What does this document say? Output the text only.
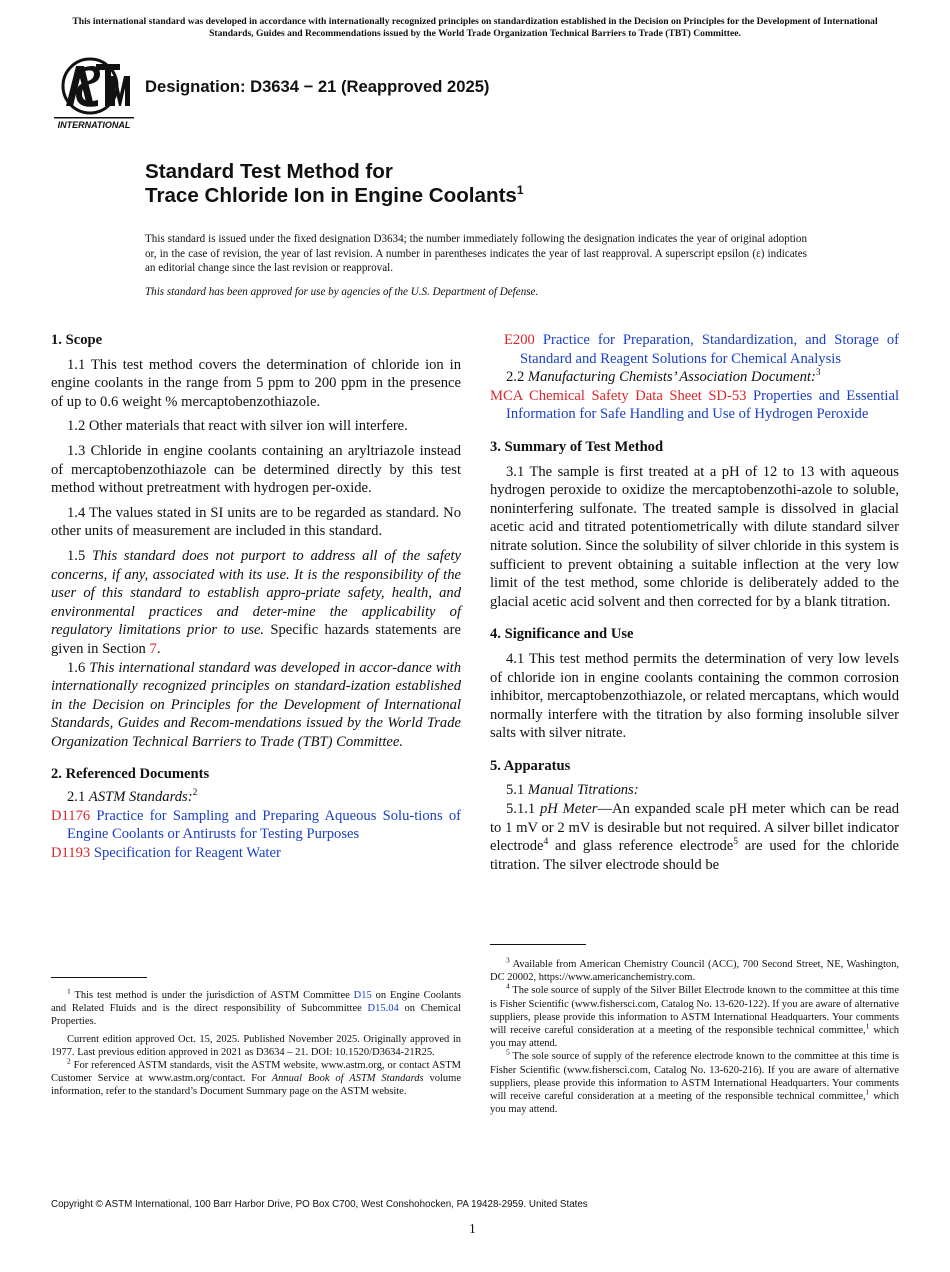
This international standard was developed in accordance with internationally recognized principles on standardization established in the Decision on Principles for the Development of International Standards, Guides and Recommendations issued by the World Trade Organization Technical Barriers to Trade (TBT) Committee.
INTERNATIONAL
Designation: D3634 − 21 (Reapproved 2025)
Standard Test Method for
Trace Chloride Ion in Engine Coolants$^1$
This standard is issued under the fixed designation D3634; the number immediately following the designation indicates the year of original adoption or, in the case of revision, the year of last revision. A number in parentheses indicates the year of last reapproval. A superscript epsilon (ε) indicates an editorial change since the last revision or reapproval.
This standard has been approved for use by agencies of the U.S. Department of Defense.
1. Scope

1.1 This test method covers the determination of chloride ion in engine coolants in the range from 5 ppm to 200 ppm in the presence of up to 0.6 weight % mercaptobenzothiazole.

1.2 Other materials that react with silver ion will interfere.

1.3 Chloride in engine coolants containing an aryltriazole instead of mercaptobenzothiazole can be determined directly by this test method without pretreatment with hydrogen per-oxide.

1.4 The values stated in SI units are to be regarded as standard. No other units of measurement are included in this standard.

1.5 This standard does not purport to address all of the safety concerns, if any, associated with its use. It is the responsibility of the user of this standard to establish appro-priate safety, health, and environmental practices and deter-mine the applicability of regulatory limitations prior to use. Specific hazards statements are given in Section 7.

1.6 This international standard was developed in accor-dance with internationally recognized principles on standard-ization established in the Decision on Principles for the Development of International Standards, Guides and Recom-mendations issued by the World Trade Organization Technical Barriers to Trade (TBT) Committee.

2. Referenced Documents

2.1 ASTM Standards:$^2$

D1176 Practice for Sampling and Preparing Aqueous Solu-tions of Engine Coolants or Antirusts for Testing Purposes

D1193 Specification for Reagent Water

$^1$ This test method is under the jurisdiction of ASTM Committee D15 on Engine Coolants and Related Fluids and is the direct responsibility of Subcommittee D15.04 on Chemical Properties.

Current edition approved Oct. 15, 2025. Published November 2025. Originally approved in 1977. Last previous edition approved in 2021 as D3634 – 21. DOI: 10.1520/D3634-21R25.

$^2$ For referenced ASTM standards, visit the ASTM website, www.astm.org, or contact ASTM Customer Service at www.astm.org/contact. For Annual Book of ASTM Standards volume information, refer to the standard’s Document Summary page on the ASTM website.

E200 Practice for Preparation, Standardization, and Storage of Standard and Reagent Solutions for Chemical Analysis

2.2 Manufacturing Chemists’ Association Document:$^3$

MCA Chemical Safety Data Sheet SD-53 Properties and Essential Information for Safe Handling and Use of Hydrogen Peroxide

3. Summary of Test Method

3.1 The sample is first treated at a pH of 12 to 13 with aqueous hydrogen peroxide to oxidize the mercaptobenzothi-azole to soluble, noninterfering sulfonate. The treated sample is dissolved in glacial acetic acid and titrated potentiometrically with dilute standard silver nitrate solution. Since the solubility of silver chloride in this system is sufficient to prevent obtaining a suitable inflection at the very low limit of the test method, some chloride is deliberately added to the glacial acetic acid solvent and then corrected for by a blank titration.

4. Significance and Use

4.1 This test method permits the determination of very low levels of chloride ion in engine coolants containing the common corrosion inhibitor, mercaptobenzothiazole, or related mercaptans, which would normally interfere with the titration by also forming insoluble silver salts with silver nitrate.

5. Apparatus

5.1 Manual Titrations:

5.1.1 pH Meter—An expanded scale pH meter which can be read to 1 mV or 2 mV is desirable but not required. A silver billet indicator electrode$^4$ and glass reference electrode$^5$ are used for the chloride titration. The silver electrode should be

$^3$ Available from American Chemistry Council (ACC), 700 Second Street, NE, Washington, DC 20002, https://www.americanchemistry.com.

$^4$ The sole source of supply of the Silver Billet Electrode known to the committee at this time is Fisher Scientific (www.fishersci.com, Catalog No. 13-620-122). If you are aware of alternative suppliers, please provide this information to ASTM International Headquarters. Your comments will receive careful consideration at a meeting of the responsible technical committee,$^1$ which you may attend.

$^5$ The sole source of supply of the reference electrode known to the committee at this time is Fisher Scientific (www.fishersci.com, Catalog No. 13-620-216). If you are aware of alternative suppliers, please provide this information to ASTM International Headquarters. Your comments will receive careful consideration at a meeting of the responsible technical committee,$^1$ which you may attend.

Copyright © ASTM International, 100 Barr Harbor Drive, PO Box C700, West Conshohocken, PA 19428-2959. United States
1
